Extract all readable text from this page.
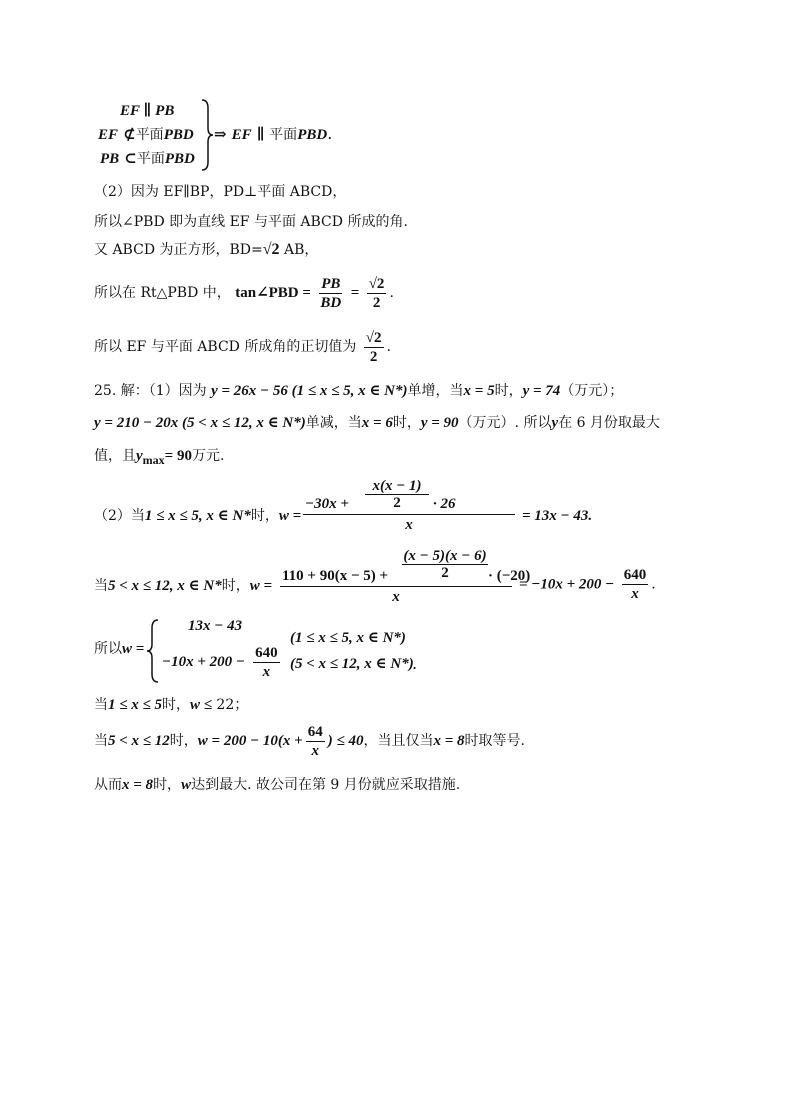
EF ∥ PB
EF ⊄平面PBD
PB ⊂平面PBD
⇒ EF ∥ 平面PBD.
（2）因为 EF∥BP，PD⊥平面 ABCD，
所以∠PBD 即为直线 EF 与平面 ABCD 所成的角.
又 ABCD 为正方形，BD=√2 AB，
所以在 Rt△PBD 中， tan∠PBD = $\frac{PB}{BD} = \frac{√2}{2}$ .
所以 EF 与平面 ABCD 所成角的正切值为 $\frac{√2}{2}$ .
25. 解：（1）因为 y = 26x − 56 (1 ≤ x ≤ 5, x ∈ N*)单增，当x = 5时，y = 74（万元）；
y = 210 − 20x (5 < x ≤ 12, x ∈ N*)单减，当x = 6时，y = 90（万元）. 所以y在 6 月份取最大
值，且$y_{max}= 90$万元.
（2）当1 ≤ x ≤ 5, x ∈ N*时，w =
−30x +
x(x − 1)
2	· 26
x
= 13x − 43.
当5 < x ≤ 12, x ∈ N*时，w =
110 + 90(x − 5) +
(x − 5)(x − 6)
2	· (−20)
x
= $-10x + 200 - \frac{640}{x}$ .
所以w =
13x − 43
(1 ≤ x ≤ 5, x ∈ N*)
$-10x + 200 - \frac{640}{x} (5 < x \le 12$, x ∈ N*)
.
当1 ≤ x ≤ 5时，w ≤ 22；
当5 < x ≤ 12时，$w = 200 - 10(x + \frac{64}{x}$ ) ≤ 40，当且仅当x = 8时取等号.
从而x = 8时，w达到最大. 故公司在第 9 月份就应采取措施.
